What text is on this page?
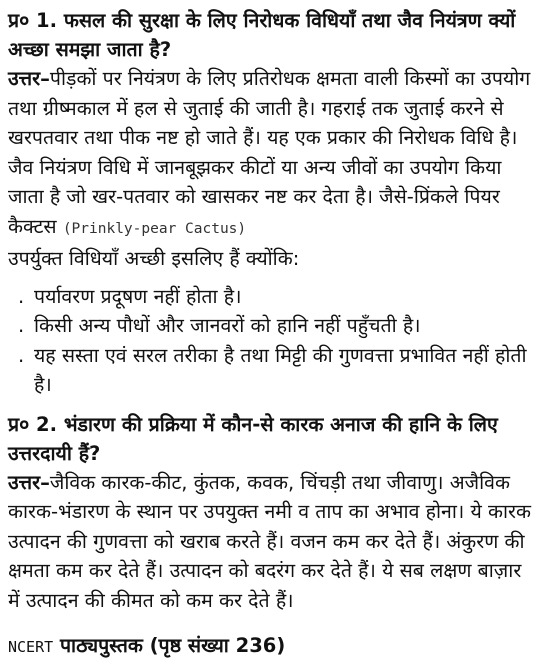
प्र० 1. फसल की सुरक्षा के लिए निरोधक विधियाँ तथा जैव नियंत्रण क्यों अच्छा समझा जाता है?

उत्तर–पीड़कों पर नियंत्रण के लिए प्रतिरोधक क्षमता वाली किस्मों का उपयोग तथा ग्रीष्मकाल में हल से जुताई की जाती है। गहराई तक जुताई करने से खरपतवार तथा पीक नष्ट हो जाते हैं। यह एक प्रकार की निरोधक विधि है। जैव नियंत्रण विधि में जानबूझकर कीटों या अन्य जीवों का उपयोग किया जाता है जो खर-पतवार को खासकर नष्ट कर देता है। जैसे-प्रिंकले पियर कैक्टस (Prinkly-pear Cactus)

उपर्युक्त विधियाँ अच्छी इसलिए हैं क्योंकि:

. पर्यावरण प्रदूषण नहीं होता है।
. किसी अन्य पौधों और जानवरों को हानि नहीं पहुँचती है।
. यह सस्ता एवं सरल तरीका है तथा मिट्टी की गुणवत्ता प्रभावित नहीं होती है।

प्र० 2. भंडारण की प्रक्रिया में कौन-से कारक अनाज की हानि के लिए उत्तरदायी हैं?

उत्तर–जैविक कारक-कीट, कुंतक, कवक, चिंचड़ी तथा जीवाणु। अजैविक कारक-भंडारण के स्थान पर उपयुक्त नमी व ताप का अभाव होना। ये कारक उत्पादन की गुणवत्ता को खराब करते हैं। वजन कम कर देते हैं। अंकुरण की क्षमता कम कर देते हैं। उत्पादन को बदरंग कर देते हैं। ये सब लक्षण बाज़ार में उत्पादन की कीमत को कम कर देते हैं।

NCERT पाठ्यपुस्तक (पृष्ठ संख्या 236)
